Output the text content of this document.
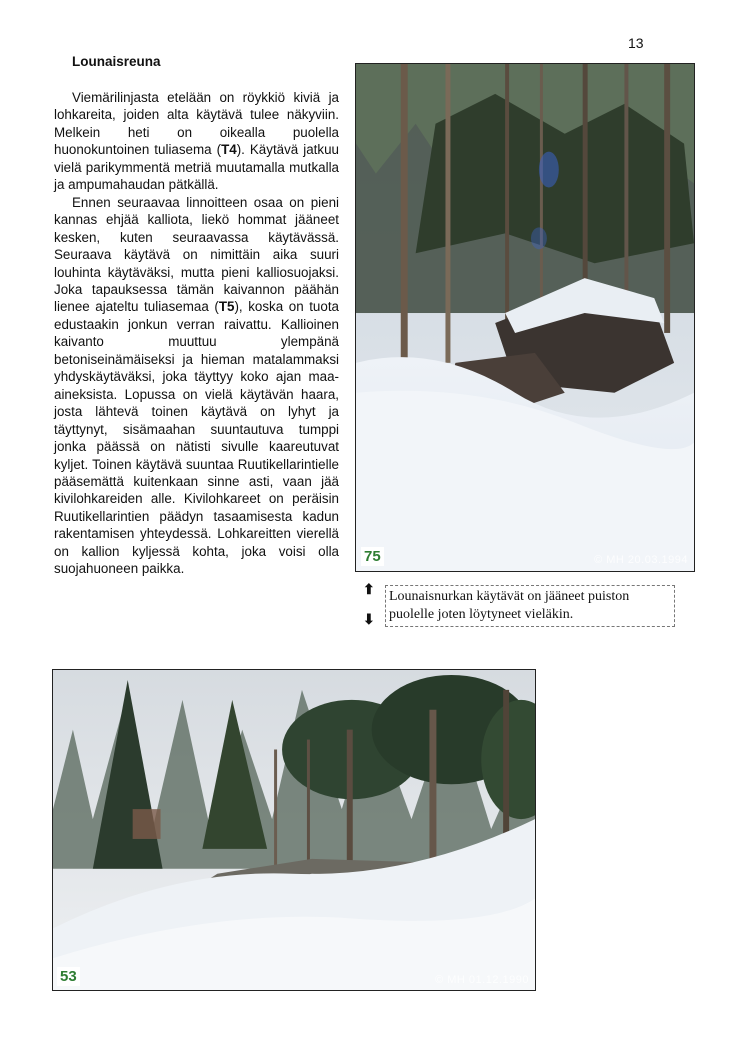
13
Lounaisreuna

Viemärilinjasta etelään on röykkiö kiviä ja lohkareita, joiden alta käytävä tulee näkyviin. Melkein heti on oikealla puolella huonokuntoinen tuliasema (T4). Käytävä jatkuu vielä parikymmentä metriä muutamalla mutkalla ja ampumahaudan pätkällä.

Ennen seuraavaa linnoitteen osaa on pieni kannas ehjää kalliota, liekö hommat jääneet kesken, kuten seuraavassa käytävässä. Seuraava käytävä on nimittäin aika suuri louhinta käytäväksi, mutta pieni kalliosuojaksi. Joka tapauksessa tämän kaivannon päähän lienee ajateltu tuliasemaa (T5), koska on tuota edustaakin jonkun verran raivattu. Kallioinen kaivanto muuttuu ylempänä betoniseinämäiseksi ja hieman matalammaksi yhdyskäytäväksi, joka täyttyy koko ajan maa-aineksista. Lopussa on vielä käytävän haara, josta lähtevä toinen käytävä on lyhyt ja täyttynyt, sisämaahan suuntautuva tumppi jonka päässä on nätisti sivulle kaareutuvat kyljet. Toinen käytävä suuntaa Ruutikellarintielle pääsemättä kuitenkaan sinne asti, vaan jää kivilohkareiden alle. Kivilohkareet on peräisin Ruutikellarintien päädyn tasaamisesta kadun rakentamisen yhteydessä. Lohkareitten vierellä on kallion kyljessä kohta, joka voisi olla suojahuoneen paikka.

75	© MH 20.03.1994
⬆
⬇
Lounaisnurkan käytävät on jääneet puiston puolelle joten löytyneet vieläkin.
53	© MH 01.12.1990
